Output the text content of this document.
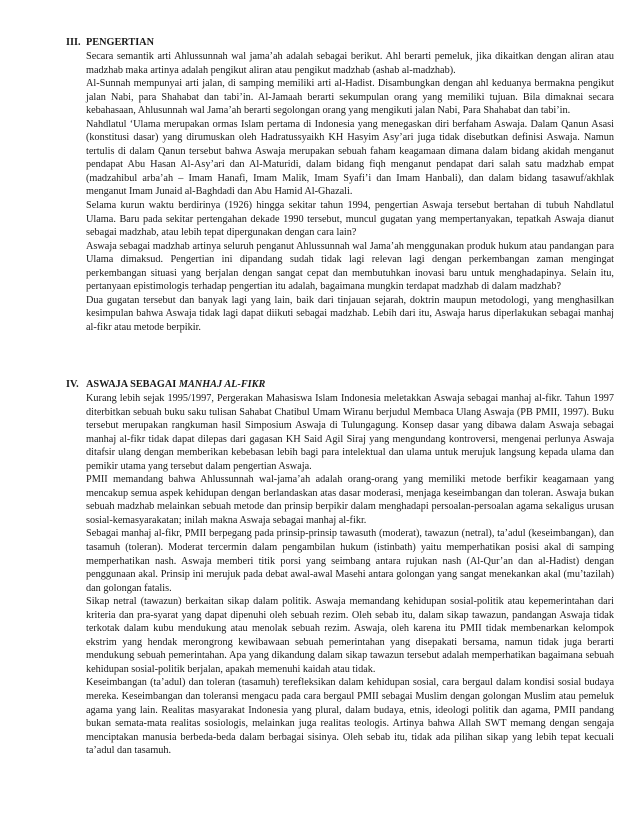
III. PENGERTIAN

Secara semantik arti Ahlussunnah wal jama’ah adalah sebagai berikut. Ahl berarti pemeluk, jika dikaitkan dengan aliran atau madzhab maka artinya adalah pengikut aliran atau pengikut madzhab (ashab al-madzhab).

Al-Sunnah mempunyai arti jalan, di samping memiliki arti al-Hadist. Disambungkan dengan ahl keduanya bermakna pengikut jalan Nabi, para Shahabat dan tabi’in. Al-Jamaah berarti sekumpulan orang yang memiliki tujuan. Bila dimaknai secara kebahasaan, Ahlusunnah wal Jama’ah berarti segolongan orang yang mengikuti jalan Nabi, Para Shahabat dan tabi’in.

Nahdlatul ‘Ulama merupakan ormas Islam pertama di Indonesia yang menegaskan diri berfaham Aswaja. Dalam Qanun Asasi (konstitusi dasar) yang dirumuskan oleh Hadratussyaikh KH Hasyim Asy’ari juga tidak disebutkan definisi Aswaja. Namun tertulis di dalam Qanun tersebut bahwa Aswaja merupakan sebuah faham keagamaan dimana dalam bidang akidah menganut pendapat Abu Hasan Al-Asy’ari dan Al-Maturidi, dalam bidang fiqh menganut pendapat dari salah satu madzhab empat (madzahibul arba’ah – Imam Hanafi, Imam Malik, Imam Syafi’i dan Imam Hanbali), dan dalam bidang tasawuf/akhlak menganut Imam Junaid al-Baghdadi dan Abu Hamid Al-Ghazali.

Selama kurun waktu berdirinya (1926) hingga sekitar tahun 1994, pengertian Aswaja tersebut bertahan di tubuh Nahdlatul Ulama. Baru pada sekitar pertengahan dekade 1990 tersebut, muncul gugatan yang mempertanyakan, tepatkah Aswaja dianut sebagai madzhab, atau lebih tepat dipergunakan dengan cara lain?

Aswaja sebagai madzhab artinya seluruh penganut Ahlussunnah wal Jama’ah menggunakan produk hukum atau pandangan para Ulama dimaksud. Pengertian ini dipandang sudah tidak lagi relevan lagi dengan perkembangan zaman mengingat perkembangan situasi yang berjalan dengan sangat cepat dan membutuhkan inovasi baru untuk menghadapinya. Selain itu, pertanyaan epistimologis terhadap pengertian itu adalah, bagaimana mungkin terdapat madzhab di dalam madzhab?

Dua gugatan tersebut dan banyak lagi yang lain, baik dari tinjauan sejarah, doktrin maupun metodologi, yang menghasilkan kesimpulan bahwa Aswaja tidak lagi dapat diikuti sebagai madzhab. Lebih dari itu, Aswaja harus diperlakukan sebagai manhaj al-fikr atau metode berpikir.

IV. ASWAJA SEBAGAI MANHAJ AL-FIKR

Kurang lebih sejak 1995/1997, Pergerakan Mahasiswa Islam Indonesia meletakkan Aswaja sebagai manhaj al-fikr. Tahun 1997 diterbitkan sebuah buku saku tulisan Sahabat Chatibul Umam Wiranu berjudul Membaca Ulang Aswaja (PB PMII, 1997). Buku tersebut merupakan rangkuman hasil Simposium Aswaja di Tulungagung. Konsep dasar yang dibawa dalam Aswaja sebagai manhaj al-fikr tidak dapat dilepas dari gagasan KH Said Agil Siraj yang mengundang kontroversi, mengenai perlunya Aswaja ditafsir ulang dengan memberikan kebebasan lebih bagi para intelektual dan ulama untuk merujuk langsung kepada ulama dan pemikir utama yang tersebut dalam pengertian Aswaja.

PMII memandang bahwa Ahlussunnah wal-jama’ah adalah orang-orang yang memiliki metode berfikir keagamaan yang mencakup semua aspek kehidupan dengan berlandaskan atas dasar moderasi, menjaga keseimbangan dan toleran. Aswaja bukan sebuah madzhab melainkan sebuah metode dan prinsip berpikir dalam menghadapi persoalan-persoalan agama sekaligus urusan sosial-kemasyarakatan; inilah makna Aswaja sebagai manhaj al-fikr.

Sebagai manhaj al-fikr, PMII berpegang pada prinsip-prinsip tawasuth (moderat), tawazun (netral), ta’adul (keseimbangan), dan tasamuh (toleran). Moderat tercermin dalam pengambilan hukum (istinbath) yaitu memperhatikan posisi akal di samping memperhatikan nash. Aswaja memberi titik porsi yang seimbang antara rujukan nash (Al-Qur’an dan al-Hadist) dengan penggunaan akal. Prinsip ini merujuk pada debat awal-awal Masehi antara golongan yang sangat menekankan akal (mu’tazilah) dan golongan fatalis.

Sikap netral (tawazun) berkaitan sikap dalam politik. Aswaja memandang kehidupan sosial-politik atau kepemerintahan dari kriteria dan pra-syarat yang dapat dipenuhi oleh sebuah rezim. Oleh sebab itu, dalam sikap tawazun, pandangan Aswaja tidak terkotak dalam kubu mendukung atau menolak sebuah rezim. Aswaja, oleh karena itu PMII tidak membenarkan kelompok ekstrim yang hendak merongrong kewibawaan sebuah pemerintahan yang disepakati bersama, namun tidak juga berarti mendukung sebuah pemerintahan. Apa yang dikandung dalam sikap tawazun tersebut adalah memperhatikan bagaimana sebuah kehidupan sosial-politik berjalan, apakah memenuhi kaidah atau tidak.

Keseimbangan (ta’adul) dan toleran (tasamuh) terefleksikan dalam kehidupan sosial, cara bergaul dalam kondisi sosial budaya mereka. Keseimbangan dan toleransi mengacu pada cara bergaul PMII sebagai Muslim dengan golongan Muslim atau pemeluk agama yang lain. Realitas masyarakat Indonesia yang plural, dalam budaya, etnis, ideologi politik dan agama, PMII pandang bukan semata-mata realitas sosiologis, melainkan juga realitas teologis. Artinya bahwa Allah SWT memang dengan sengaja menciptakan manusia berbeda-beda dalam berbagai sisinya. Oleh sebab itu, tidak ada pilihan sikap yang lebih tepat kecuali ta’adul dan tasamuh.
